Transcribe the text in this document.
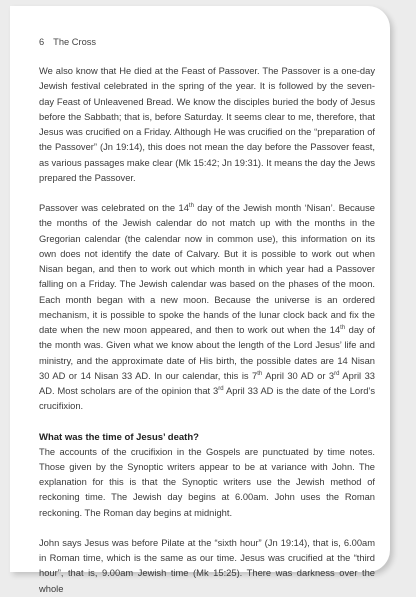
6 The Cross

We also know that He died at the Feast of Passover. The Passover is a one-day Jewish festival celebrated in the spring of the year. It is followed by the seven-day Feast of Unleavened Bread. We know the disciples buried the body of Jesus before the Sabbath; that is, before Saturday. It seems clear to me, therefore, that Jesus was crucified on a Friday. Although He was crucified on the “preparation of the Passover” (Jn 19:14), this does not mean the day before the Passover feast, as various passages make clear (Mk 15:42; Jn 19:31). It means the day the Jews prepared the Passover.

Passover was celebrated on the 14th day of the Jewish month ‘Nisan’. Because the months of the Jewish calendar do not match up with the months in the Gregorian calendar (the calendar now in common use), this information on its own does not identify the date of Calvary. But it is possible to work out when Nisan began, and then to work out which month in which year had a Passover falling on a Friday. The Jewish calendar was based on the phases of the moon. Each month began with a new moon. Because the universe is an ordered mechanism, it is possible to spoke the hands of the lunar clock back and fix the date when the new moon appeared, and then to work out when the 14th day of the month was. Given what we know about the length of the Lord Jesus’ life and ministry, and the approximate date of His birth, the possible dates are 14 Nisan 30 AD or 14 Nisan 33 AD. In our calendar, this is 7th April 30 AD or 3rd April 33 AD. Most scholars are of the opinion that 3rd April 33 AD is the date of the Lord’s crucifixion.

What was the time of Jesus’ death?

The accounts of the crucifixion in the Gospels are punctuated by time notes. Those given by the Synoptic writers appear to be at variance with John. The explanation for this is that the Synoptic writers use the Jewish method of reckoning time. The Jewish day begins at 6.00am. John uses the Roman reckoning. The Roman day begins at midnight.

John says Jesus was before Pilate at the “sixth hour” (Jn 19:14), that is, 6.00am in Roman time, which is the same as our time. Jesus was crucified at the “third hour”, that is, 9.00am Jewish time (Mk 15:25). There was darkness over the whole
